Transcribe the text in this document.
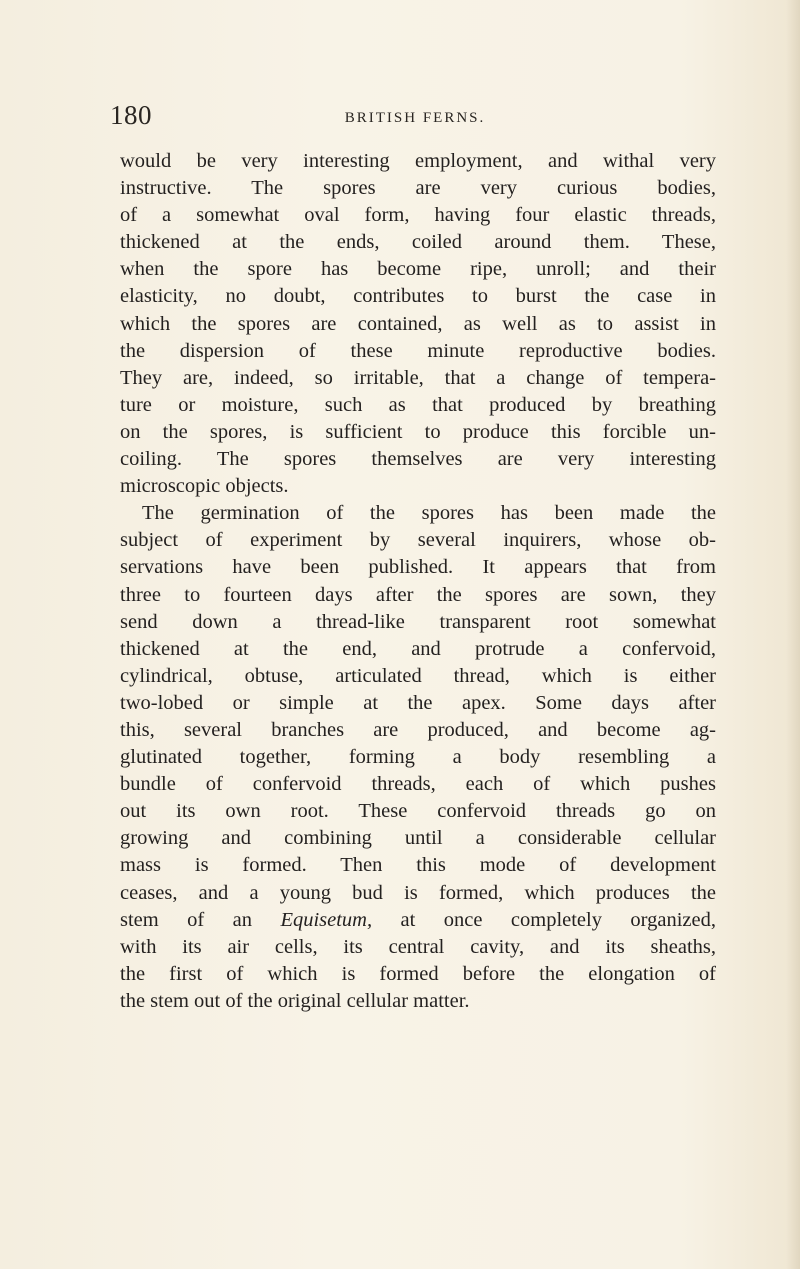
180	BRITISH FERNS.
would be very interesting employment, and withal very
instructive. The spores are very curious bodies,
of a somewhat oval form, having four elastic threads,
thickened at the ends, coiled around them. These,
when the spore has become ripe, unroll; and their
elasticity, no doubt, contributes to burst the case in
which the spores are contained, as well as to assist in
the dispersion of these minute reproductive bodies.
They are, indeed, so irritable, that a change of tempera-
ture or moisture, such as that produced by breathing
on the spores, is sufficient to produce this forcible un-
coiling. The spores themselves are very interesting
microscopic objects.
The germination of the spores has been made the
subject of experiment by several inquirers, whose ob-
servations have been published. It appears that from
three to fourteen days after the spores are sown, they
send down a thread-like transparent root somewhat
thickened at the end, and protrude a confervoid,
cylindrical, obtuse, articulated thread, which is either
two-lobed or simple at the apex. Some days after
this, several branches are produced, and become ag-
glutinated together, forming a body resembling a
bundle of confervoid threads, each of which pushes
out its own root. These confervoid threads go on
growing and combining until a considerable cellular
mass is formed. Then this mode of development
ceases, and a young bud is formed, which produces the
stem of an Equisetum, at once completely organized,
with its air cells, its central cavity, and its sheaths,
the first of which is formed before the elongation of
the stem out of the original cellular matter.
